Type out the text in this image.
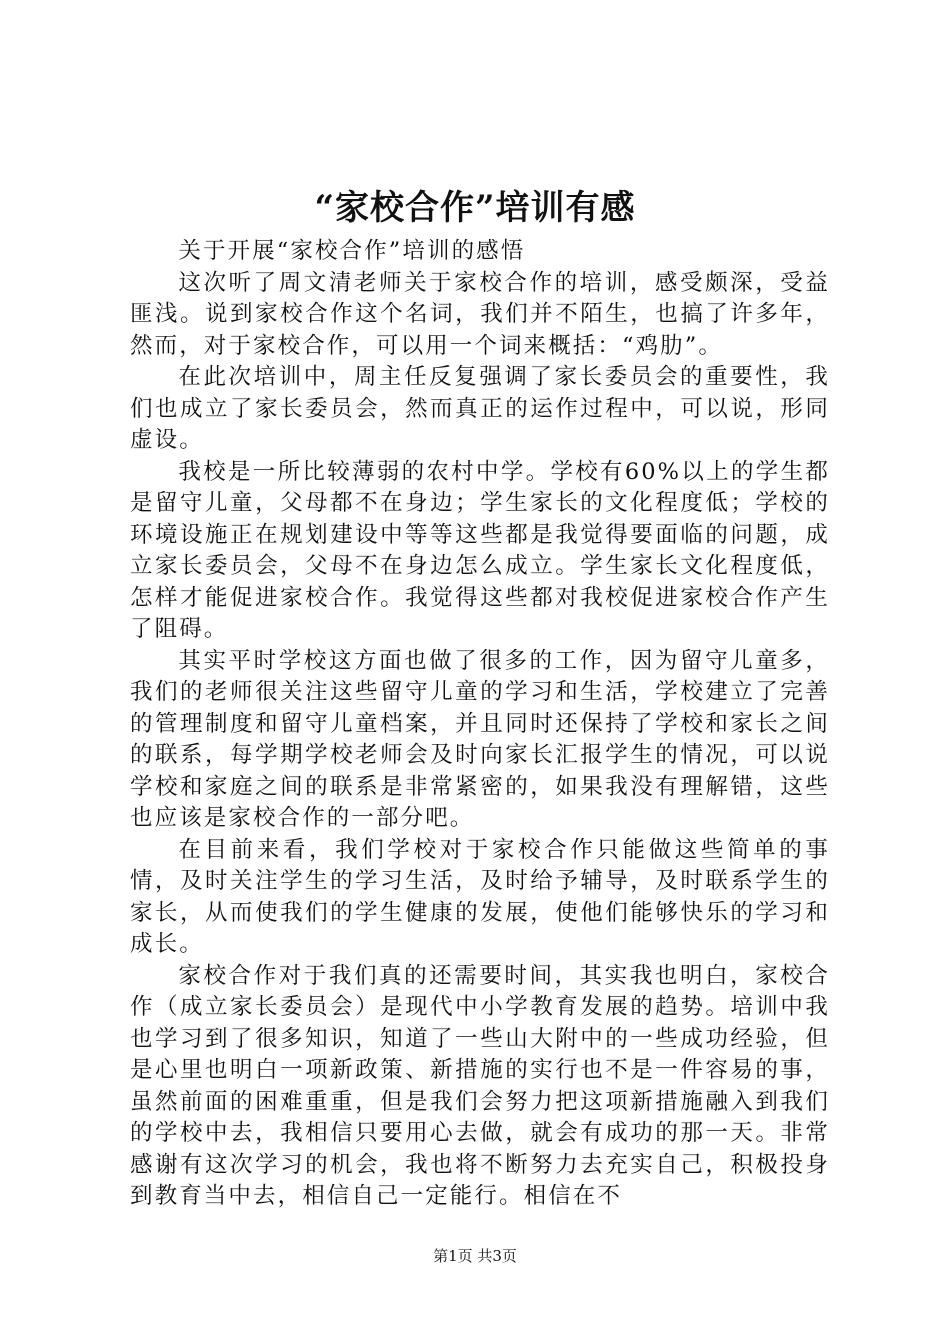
“家校合作”培训有感

关于开展“家校合作”培训的感悟

这次听了周文清老师关于家校合作的培训，感受颇深，受益匪浅。说到家校合作这个名词，我们并不陌生，也搞了许多年，然而，对于家校合作，可以用一个词来概括：“鸡肋”。

在此次培训中，周主任反复强调了家长委员会的重要性，我们也成立了家长委员会，然而真正的运作过程中，可以说，形同虚设。

我校是一所比较薄弱的农村中学。学校有60%以上的学生都是留守儿童，父母都不在身边；学生家长的文化程度低；学校的环境设施正在规划建设中等等这些都是我觉得要面临的问题，成立家长委员会，父母不在身边怎么成立。学生家长文化程度低，怎样才能促进家校合作。我觉得这些都对我校促进家校合作产生了阻碍。

其实平时学校这方面也做了很多的工作，因为留守儿童多，我们的老师很关注这些留守儿童的学习和生活，学校建立了完善的管理制度和留守儿童档案，并且同时还保持了学校和家长之间的联系，每学期学校老师会及时向家长汇报学生的情况，可以说学校和家庭之间的联系是非常紧密的，如果我没有理解错，这些也应该是家校合作的一部分吧。

在目前来看，我们学校对于家校合作只能做这些简单的事情，及时关注学生的学习生活，及时给予辅导，及时联系学生的家长，从而使我们的学生健康的发展，使他们能够快乐的学习和成长。

家校合作对于我们真的还需要时间，其实我也明白，家校合作（成立家长委员会）是现代中小学教育发展的趋势。培训中我也学习到了很多知识，知道了一些山大附中的一些成功经验，但是心里也明白一项新政策、新措施的实行也不是一件容易的事，虽然前面的困难重重，但是我们会努力把这项新措施融入到我们的学校中去，我相信只要用心去做，就会有成功的那一天。非常感谢有这次学习的机会，我也将不断努力去充实自己，积极投身到教育当中去，相信自己一定能行。相信在不

第1页 共3页
